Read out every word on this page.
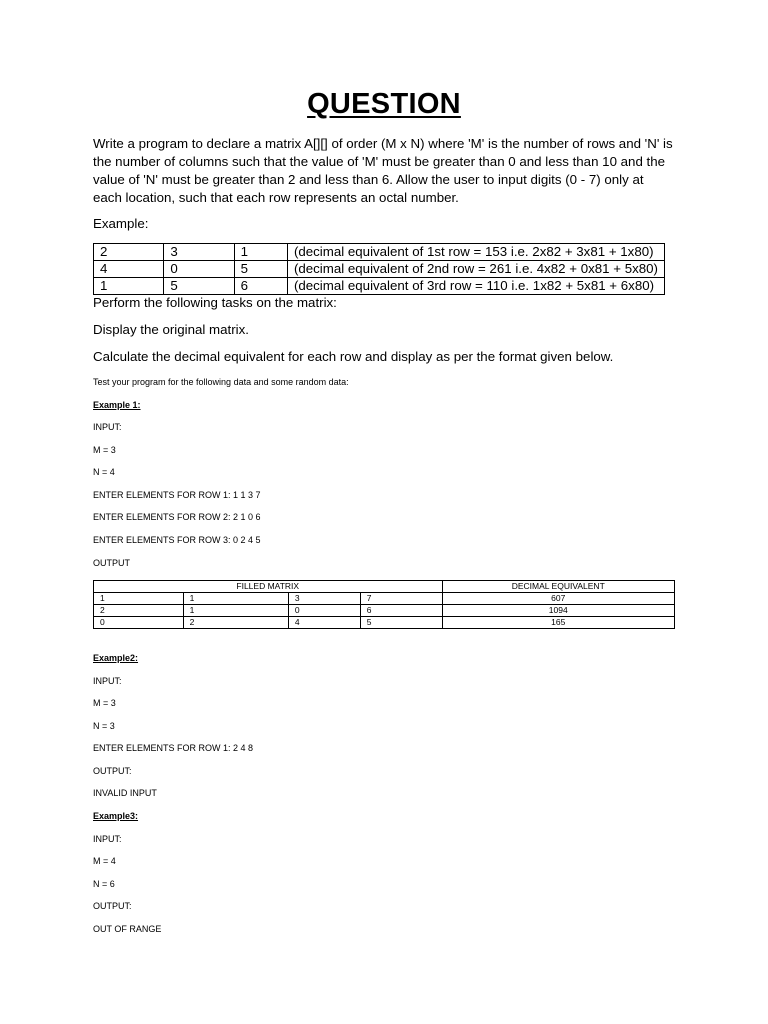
QUESTION

Write a program to declare a matrix A[][] of order (M x N) where 'M' is the number of rows and 'N' is the number of columns such that the value of 'M' must be greater than 0 and less than 10 and the value of 'N' must be greater than 2 and less than 6. Allow the user to input digits (0 - 7) only at each location, such that each row represents an octal number.

Example:

2	3	1	(decimal equivalent of 1st row = 153 i.e. 2x82 + 3x81 + 1x80)
4	0	5	(decimal equivalent of 2nd row = 261 i.e. 4x82 + 0x81 + 5x80)
1	5	6	(decimal equivalent of 3rd row = 110 i.e. 1x82 + 5x81 + 6x80)

Perform the following tasks on the matrix:

Display the original matrix.

Calculate the decimal equivalent for each row and display as per the format given below.

Test your program for the following data and some random data:

Example 1:

INPUT:

M = 3

N = 4

ENTER ELEMENTS FOR ROW 1: 1 1 3 7

ENTER ELEMENTS FOR ROW 2: 2 1 0 6

ENTER ELEMENTS FOR ROW 3: 0 2 4 5

OUTPUT

FILLED MATRIX				DECIMAL EQUIVALENT
1	1	3	7	607
2	1	0	6	1094
0	2	4	5	165

Example2:

INPUT:

M = 3

N = 3

ENTER ELEMENTS FOR ROW 1: 2 4 8

OUTPUT:

INVALID INPUT

Example3:

INPUT:

M = 4

N = 6

OUTPUT:

OUT OF RANGE
